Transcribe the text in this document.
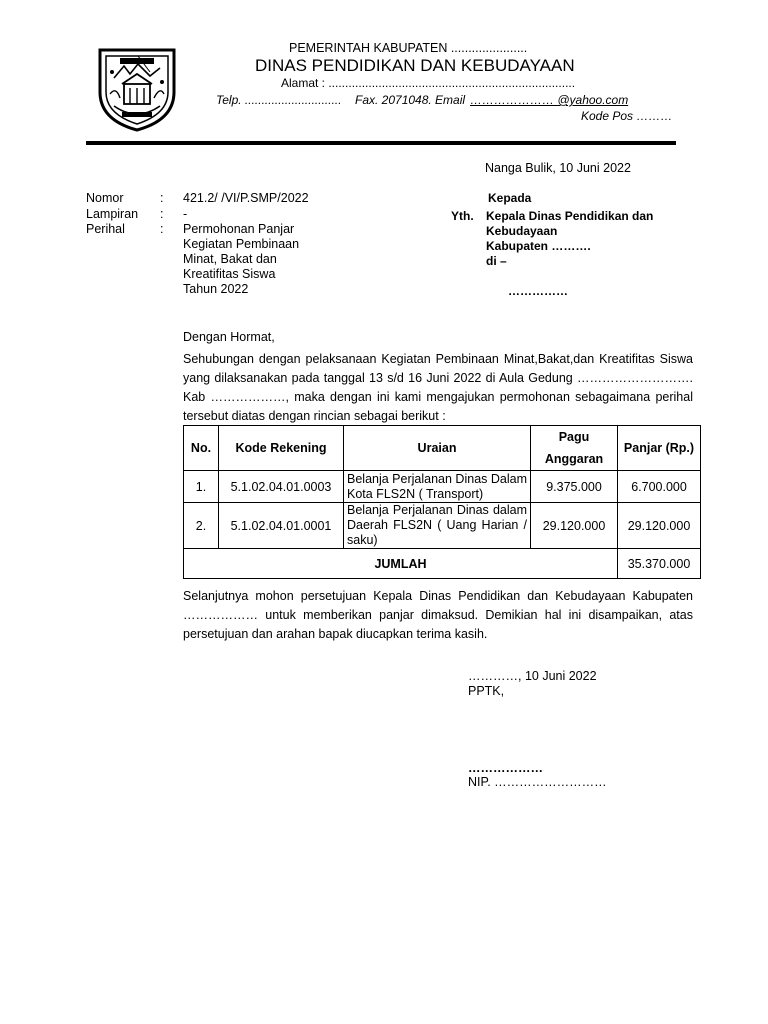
PEMERINTAH KABUPATEN ......................
DINAS PENDIDIKAN DAN KEBUDAYAAN
Alamat : ..........................................................................
Telp. ............................. Fax. 2071048. Email ………………… @yahoo.com
Kode Pos ………
Nanga Bulik, 10 Juni 2022
Nomor	: 421.2/ /VI/P.SMP/2022
Lampiran : -
Perihal	: Permohonan Panjar
Kegiatan Pembinaan
Minat, Bakat dan
Kreatifitas Siswa
Tahun 2022
Kepada
Yth. Kepala Dinas Pendidikan dan
Kebudayaan
Kabupaten ……….
di –
……………
Dengan Hormat,
Sehubungan dengan pelaksanaan Kegiatan Pembinaan Minat,Bakat,dan Kreatifitas Siswa yang dilaksanakan pada tanggal 13 s/d 16 Juni 2022 di Aula Gedung ………………………. Kab ………………, maka dengan ini kami mengajukan permohonan sebagaimana perihal tersebut diatas dengan rincian sebagai berikut :
No.	Kode Rekening	Uraian	Pagu
Anggaran	Panjar (Rp.)
1.	5.1.02.04.01.0003	Belanja Perjalanan Dinas Dalam Kota FLS2N ( Transport)	9.375.000	6.700.000
2.	5.1.02.04.01.0001	Belanja Perjalanan Dinas dalam Daerah FLS2N ( Uang Harian / saku)	29.120.000	29.120.000
JUMLAH				35.370.000
Selanjutnya mohon persetujuan Kepala Dinas Pendidikan dan Kebudayaan Kabupaten ……………… untuk memberikan panjar dimaksud. Demikian hal ini disampaikan, atas persetujuan dan arahan bapak diucapkan terima kasih.
…………, 10 Juni 2022
PPTK,
………………
NIP. ………………………
